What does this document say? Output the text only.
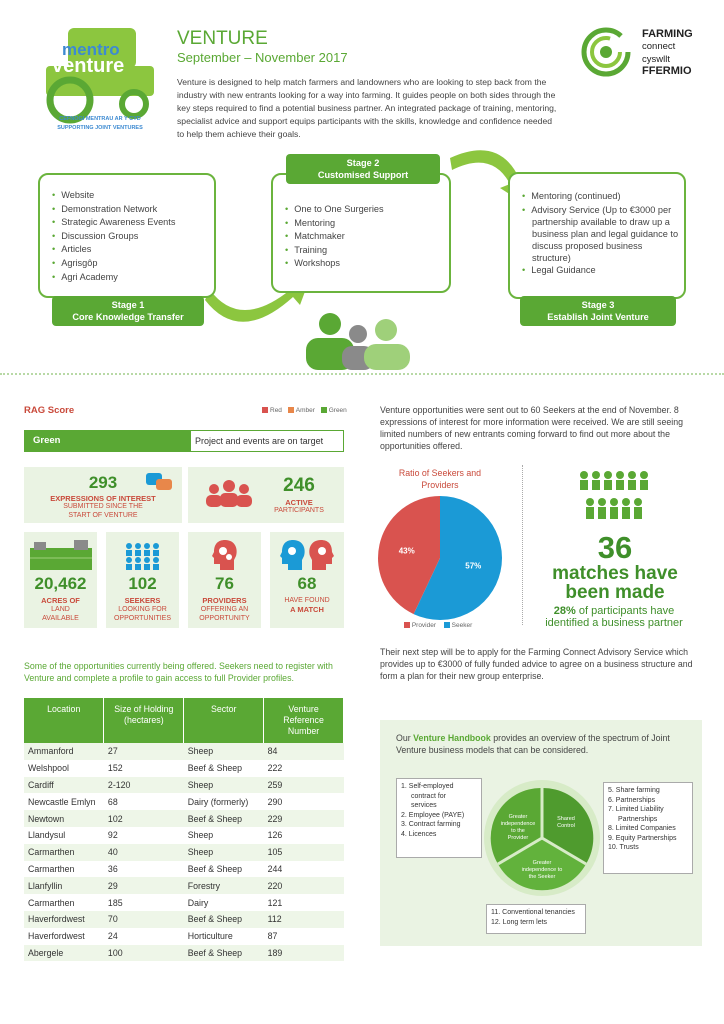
mentro
venture
CEFNOGI MENTRAU AR Y CYD
SUPPORTING JOINT VENTURES
VENTURE
September – November 2017
Venture is designed to help match farmers and landowners who are looking to step back from the industry with new entrants looking for a way into farming. It guides people on both sides through the key steps required to find a potential business partner. An integrated package of training, mentoring, specialist advice and support equips participants with the skills, knowledge and confidence needed to help them achieve their goals.
FARMING
connect
cyswllt
FFERMIO
• Website
• Demonstration Network
• Strategic Awareness Events
• Discussion Groups
• Articles
• Agrisgôp
• Agri Academy
Stage 1
Core Knowledge Transfer
• One to One Surgeries
• Mentoring
• Matchmaker
• Training
• Workshops
Stage 2
Customised Support
• Mentoring (continued)
• Advisory Service (Up to €3000 per partnership available to draw up a business plan and legal guidance to discuss proposed business structure)
• Legal Guidance
Stage 3
Establish Joint Venture
RAG Score	Red Amber Green
Green	Project and events are on target
293
EXPRESSIONS OF INTEREST
SUBMITTED SINCE THE START OF VENTURE
246
ACTIVE
PARTICIPANTS
20,462
ACRES OF
LAND AVAILABLE
102
SEEKERS
LOOKING FOR OPPORTUNITIES
76
PROVIDERS
OFFERING AN OPPORTUNITY
68
HAVE FOUND
A MATCH
Some of the opportunities currently being offered. Seekers need to register with Venture and complete a profile to gain access to full Provider profiles.
Location	Size of Holding (hectares)	Sector	Venture Reference Number
Ammanford	27	Sheep	84
Welshpool	152	Beef & Sheep	222
Cardiff	2-120	Sheep	259
Newcastle Emlyn	68	Dairy (formerly)	290
Newtown	102	Beef & Sheep	229
Llandysul	92	Sheep	126
Carmarthen	40	Sheep	105
Carmarthen	36	Beef & Sheep	244
Llanfyllin	29	Forestry	220
Carmarthen	185	Dairy	121
Haverfordwest	70	Beef & Sheep	112
Haverfordwest	24	Horticulture	87
Abergele	100	Beef & Sheep	189
Venture opportunities were sent out to 60 Seekers at the end of November. 8 expressions of interest for more information were received. We are still seeing limited numbers of new entrants coming forward to find out more about the opportunities offered.
Ratio of Seekers and Providers
57%
43%
Provider Seeker
36
matches have
been made
28% of participants have
identified a business partner
Their next step will be to apply for the Farming Connect Advisory Service which provides up to €3000 of fully funded advice to agree on a business structure and form a plan for their new group enterprise.
Our Venture Handbook provides an overview of the spectrum of Joint Venture business models that can be considered.
1. Self-employed
contract for
services
2. Employee (PAYE)
3. Contract farming
4. Licences
5. Share farming
6. Partnerships
7. Limited Liability
Partnerships
8. Limited Companies
9. Equity Partnerships
10. Trusts
11. Conventional tenancies
12. Long term lets
Greater
independence
to the
Provider
Shared
Control
Greater
independence to
the Seeker
